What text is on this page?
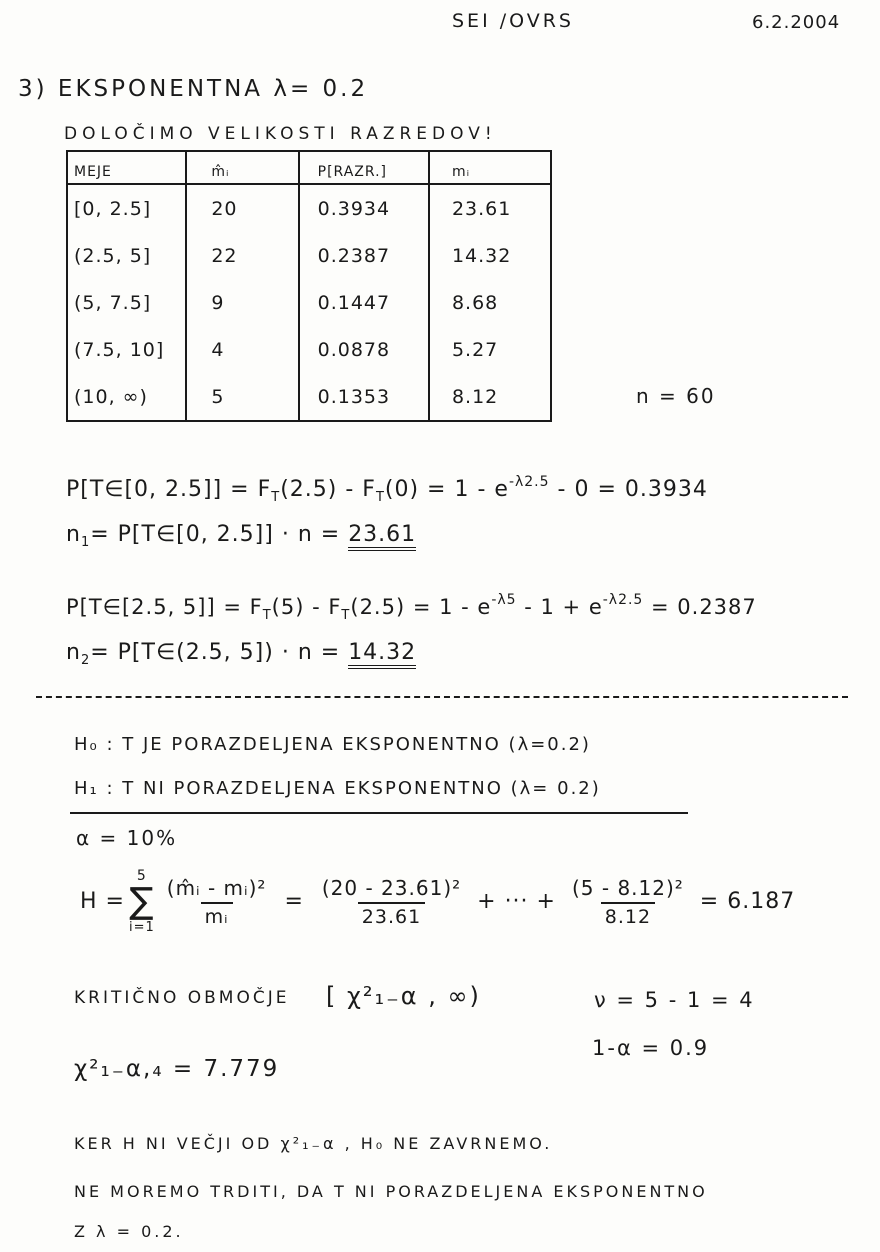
SEI /OVRS	6.2.2004
3) EKSPONENTNA λ= 0.2
DOLOČIMO VELIKOSTI RAZREDOV!
MEJE	m̂ᵢ	P[RAZR.]	mᵢ
[0, 2.5]	20	0.3934	23.61
(2.5, 5]	22	0.2387	14.32
(5, 7.5]	9	0.1447	8.68
(7.5, 10]	4	0.0878	5.27
(10, ∞)	5	0.1353	8.12	n = 60
P[T∈[0, $2.5]] = F_T(2.5) - F_T(0) = 1 - e^{-\lambda 2.5} - 0 = 0.3934$
$n_1=$ P[T∈[0, 2.5]] · n = 23.61
P[T∈[2.5, $5]] = F_T(5) - F_T(2.5) = 1 - e^{-\lambda 5} - 1 + e^{-\lambda 2.5} = 0.2387$
$n_2=$ P[T∈(2.5, 5]) · n = 14.32
H₀ : T JE PORAZDELJENA EKSPONENTNO (λ=0.2)
H₁ : T NI PORAZDELJENA EKSPONENTNO (λ= 0.2)
α = 10%
H =
5
∑
$i=1 \frac{\text{(m̂ᵢ - mᵢ)²}}{\text{mᵢ}} = \frac{\text{(20 - 23.61)²}}{23.61}$ + ··· + $\frac{\text{(5 - 8.12)²}}{8.12} = 6.187$
KRITIČNO OBMOČJE [ χ²₁₋α , ∞)	ν = 5 - 1 = 4
1-α = 0.9
χ²₁₋α,₄ = 7.779
KER H NI VEČJI OD χ²₁₋α , H₀ NE ZAVRNEMO.
NE MOREMO TRDITI, DA T NI PORAZDELJENA EKSPONENTNO
Z λ = 0.2.
